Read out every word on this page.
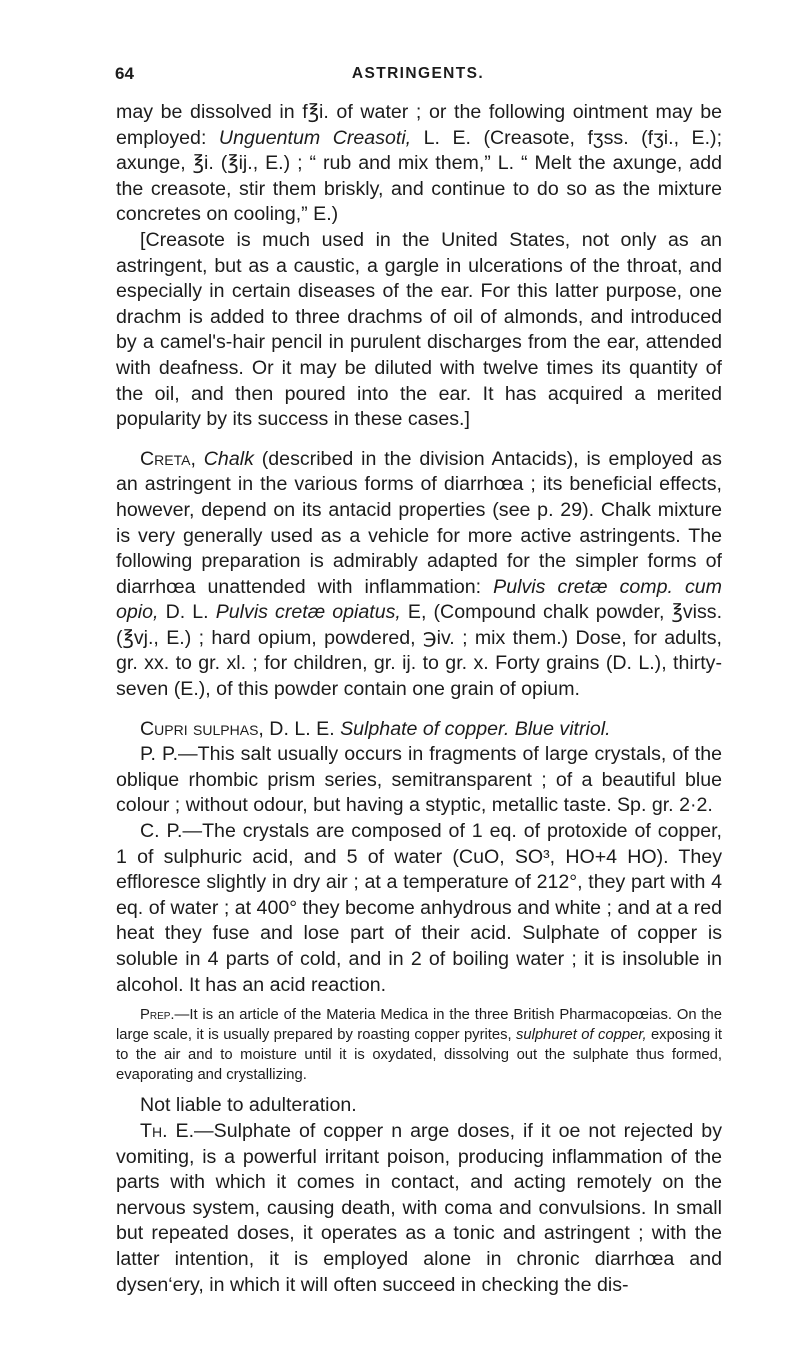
64	ASTRINGENTS.

may be dissolved in f℥i. of water ; or the following ointment may be employed: Unguentum Creasoti, L. E. (Creasote, fʒss. (fʒi., E.); axunge, ℥i. (℥ij., E.) ; “ rub and mix them,” L. “ Melt the axunge, add the creasote, stir them briskly, and continue to do so as the mixture concretes on cooling,” E.)

[Creasote is much used in the United States, not only as an astringent, but as a caustic, a gargle in ulcerations of the throat, and especially in certain diseases of the ear. For this latter purpose, one drachm is added to three drachms of oil of almonds, and introduced by a camel's-hair pencil in purulent discharges from the ear, attended with deafness. Or it may be diluted with twelve times its quantity of the oil, and then poured into the ear. It has acquired a merited popularity by its success in these cases.]

Creta, Chalk (described in the division Antacids), is employed as an astringent in the various forms of diarrhœa ; its beneficial effects, however, depend on its antacid properties (see p. 29). Chalk mixture is very generally used as a vehicle for more active astringents. The following preparation is admirably adapted for the simpler forms of diarrhœa unattended with inflammation: Pulvis cretæ comp. cum opio, D. L. Pulvis cretæ opiatus, E, (Compound chalk powder, ℥viss. (℥vj., E.) ; hard opium, powdered, ℈iv. ; mix them.) Dose, for adults, gr. xx. to gr. xl. ; for children, gr. ij. to gr. x. Forty grains (D. L.), thirty-seven (E.), of this powder contain one grain of opium.

Cupri sulphas, D. L. E. Sulphate of copper. Blue vitriol.

P. P.—This salt usually occurs in fragments of large crystals, of the oblique rhombic prism series, semitransparent ; of a beautiful blue colour ; without odour, but having a styptic, metallic taste. Sp. gr. 2·2.

C. P.—The crystals are composed of 1 eq. of protoxide of copper, 1 of sulphuric acid, and 5 of water (CuO, SO³, HO+4 HO). They effloresce slightly in dry air ; at a temperature of 212°, they part with 4 eq. of water ; at 400° they become anhydrous and white ; and at a red heat they fuse and lose part of their acid. Sulphate of copper is soluble in 4 parts of cold, and in 2 of boiling water ; it is insoluble in alcohol. It has an acid reaction.

Prep.—It is an article of the Materia Medica in the three British Pharmacopœias. On the large scale, it is usually prepared by roasting copper pyrites, sulphuret of copper, exposing it to the air and to moisture until it is oxydated, dissolving out the sulphate thus formed, evaporating and crystallizing.

Not liable to adulteration.

Th. E.—Sulphate of copper n arge doses, if it oe not rejected by vomiting, is a powerful irritant poison, producing inflammation of the parts with which it comes in contact, and acting remotely on the nervous system, causing death, with coma and convulsions. In small but repeated doses, it operates as a tonic and astringent ; with the latter intention, it is employed alone in chronic diarrhœa and dysen‘ery, in which it will often succeed in checking the dis-
